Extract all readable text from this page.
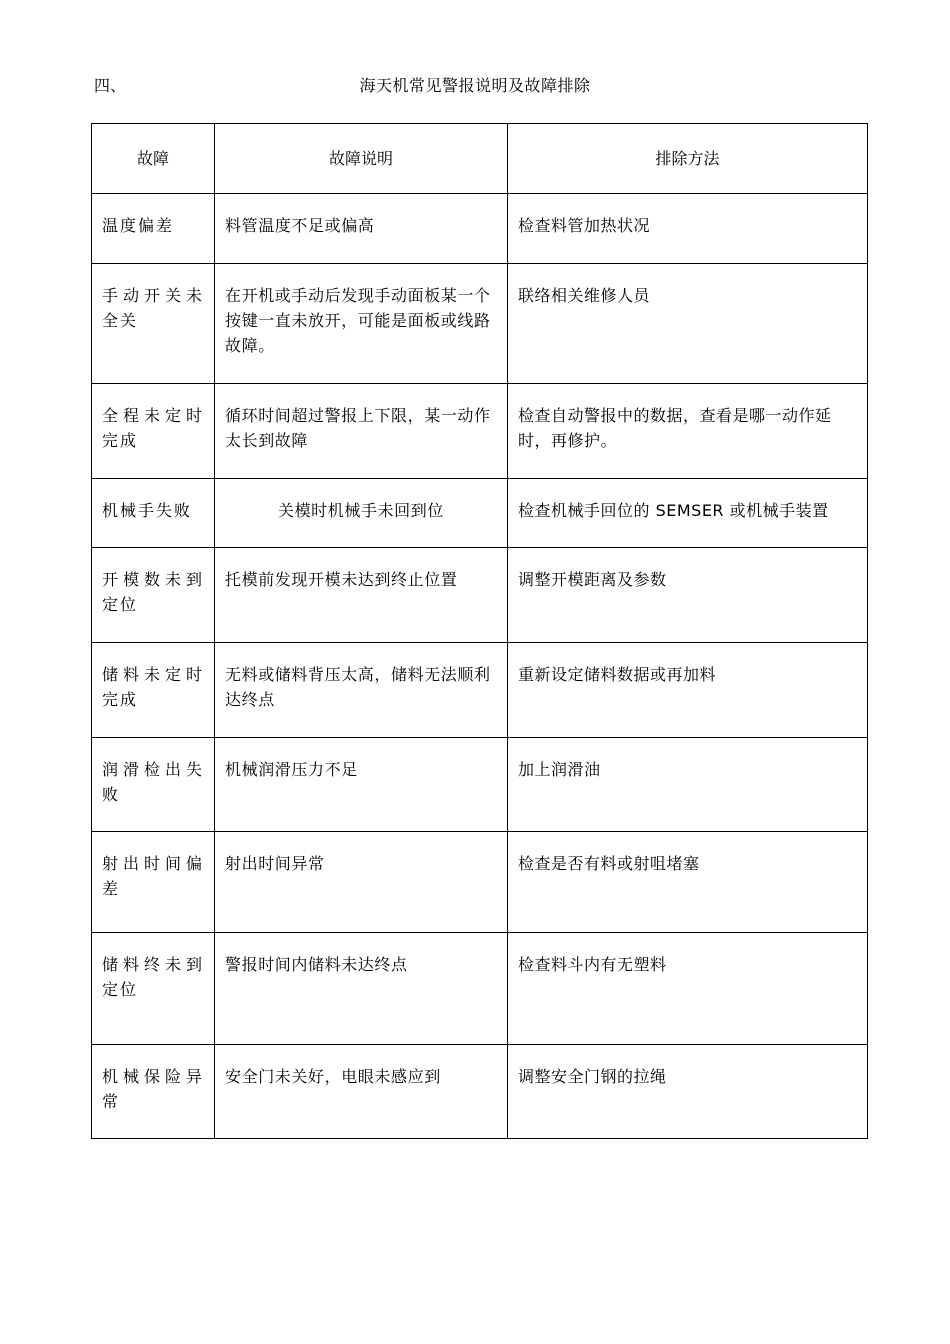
四、	海天机常见警报说明及故障排除
故障	故障说明	排除方法
温度偏差	料管温度不足或偏高	检查料管加热状况
手动开关未全关	在开机或手动后发现手动面板某一个按键一直未放开，可能是面板或线路故障。	联络相关维修人员
全程未定时完成	循环时间超过警报上下限，某一动作太长到故障	检查自动警报中的数据，查看是哪一动作延时，再修护。
机械手失败	关模时机械手未回到位	检查机械手回位的 SEMSER 或机械手装置
开模数未到定位	托模前发现开模未达到终止位置	调整开模距离及参数
储料未定时完成	无料或储料背压太高，储料无法顺利达终点	重新设定储料数据或再加料
润滑检出失败	机械润滑压力不足	加上润滑油
射出时间偏差	射出时间异常	检查是否有料或射咀堵塞
储料终未到定位	警报时间内储料未达终点	检查料斗内有无塑料
机械保险异常	安全门未关好，电眼未感应到	调整安全门钢的拉绳
